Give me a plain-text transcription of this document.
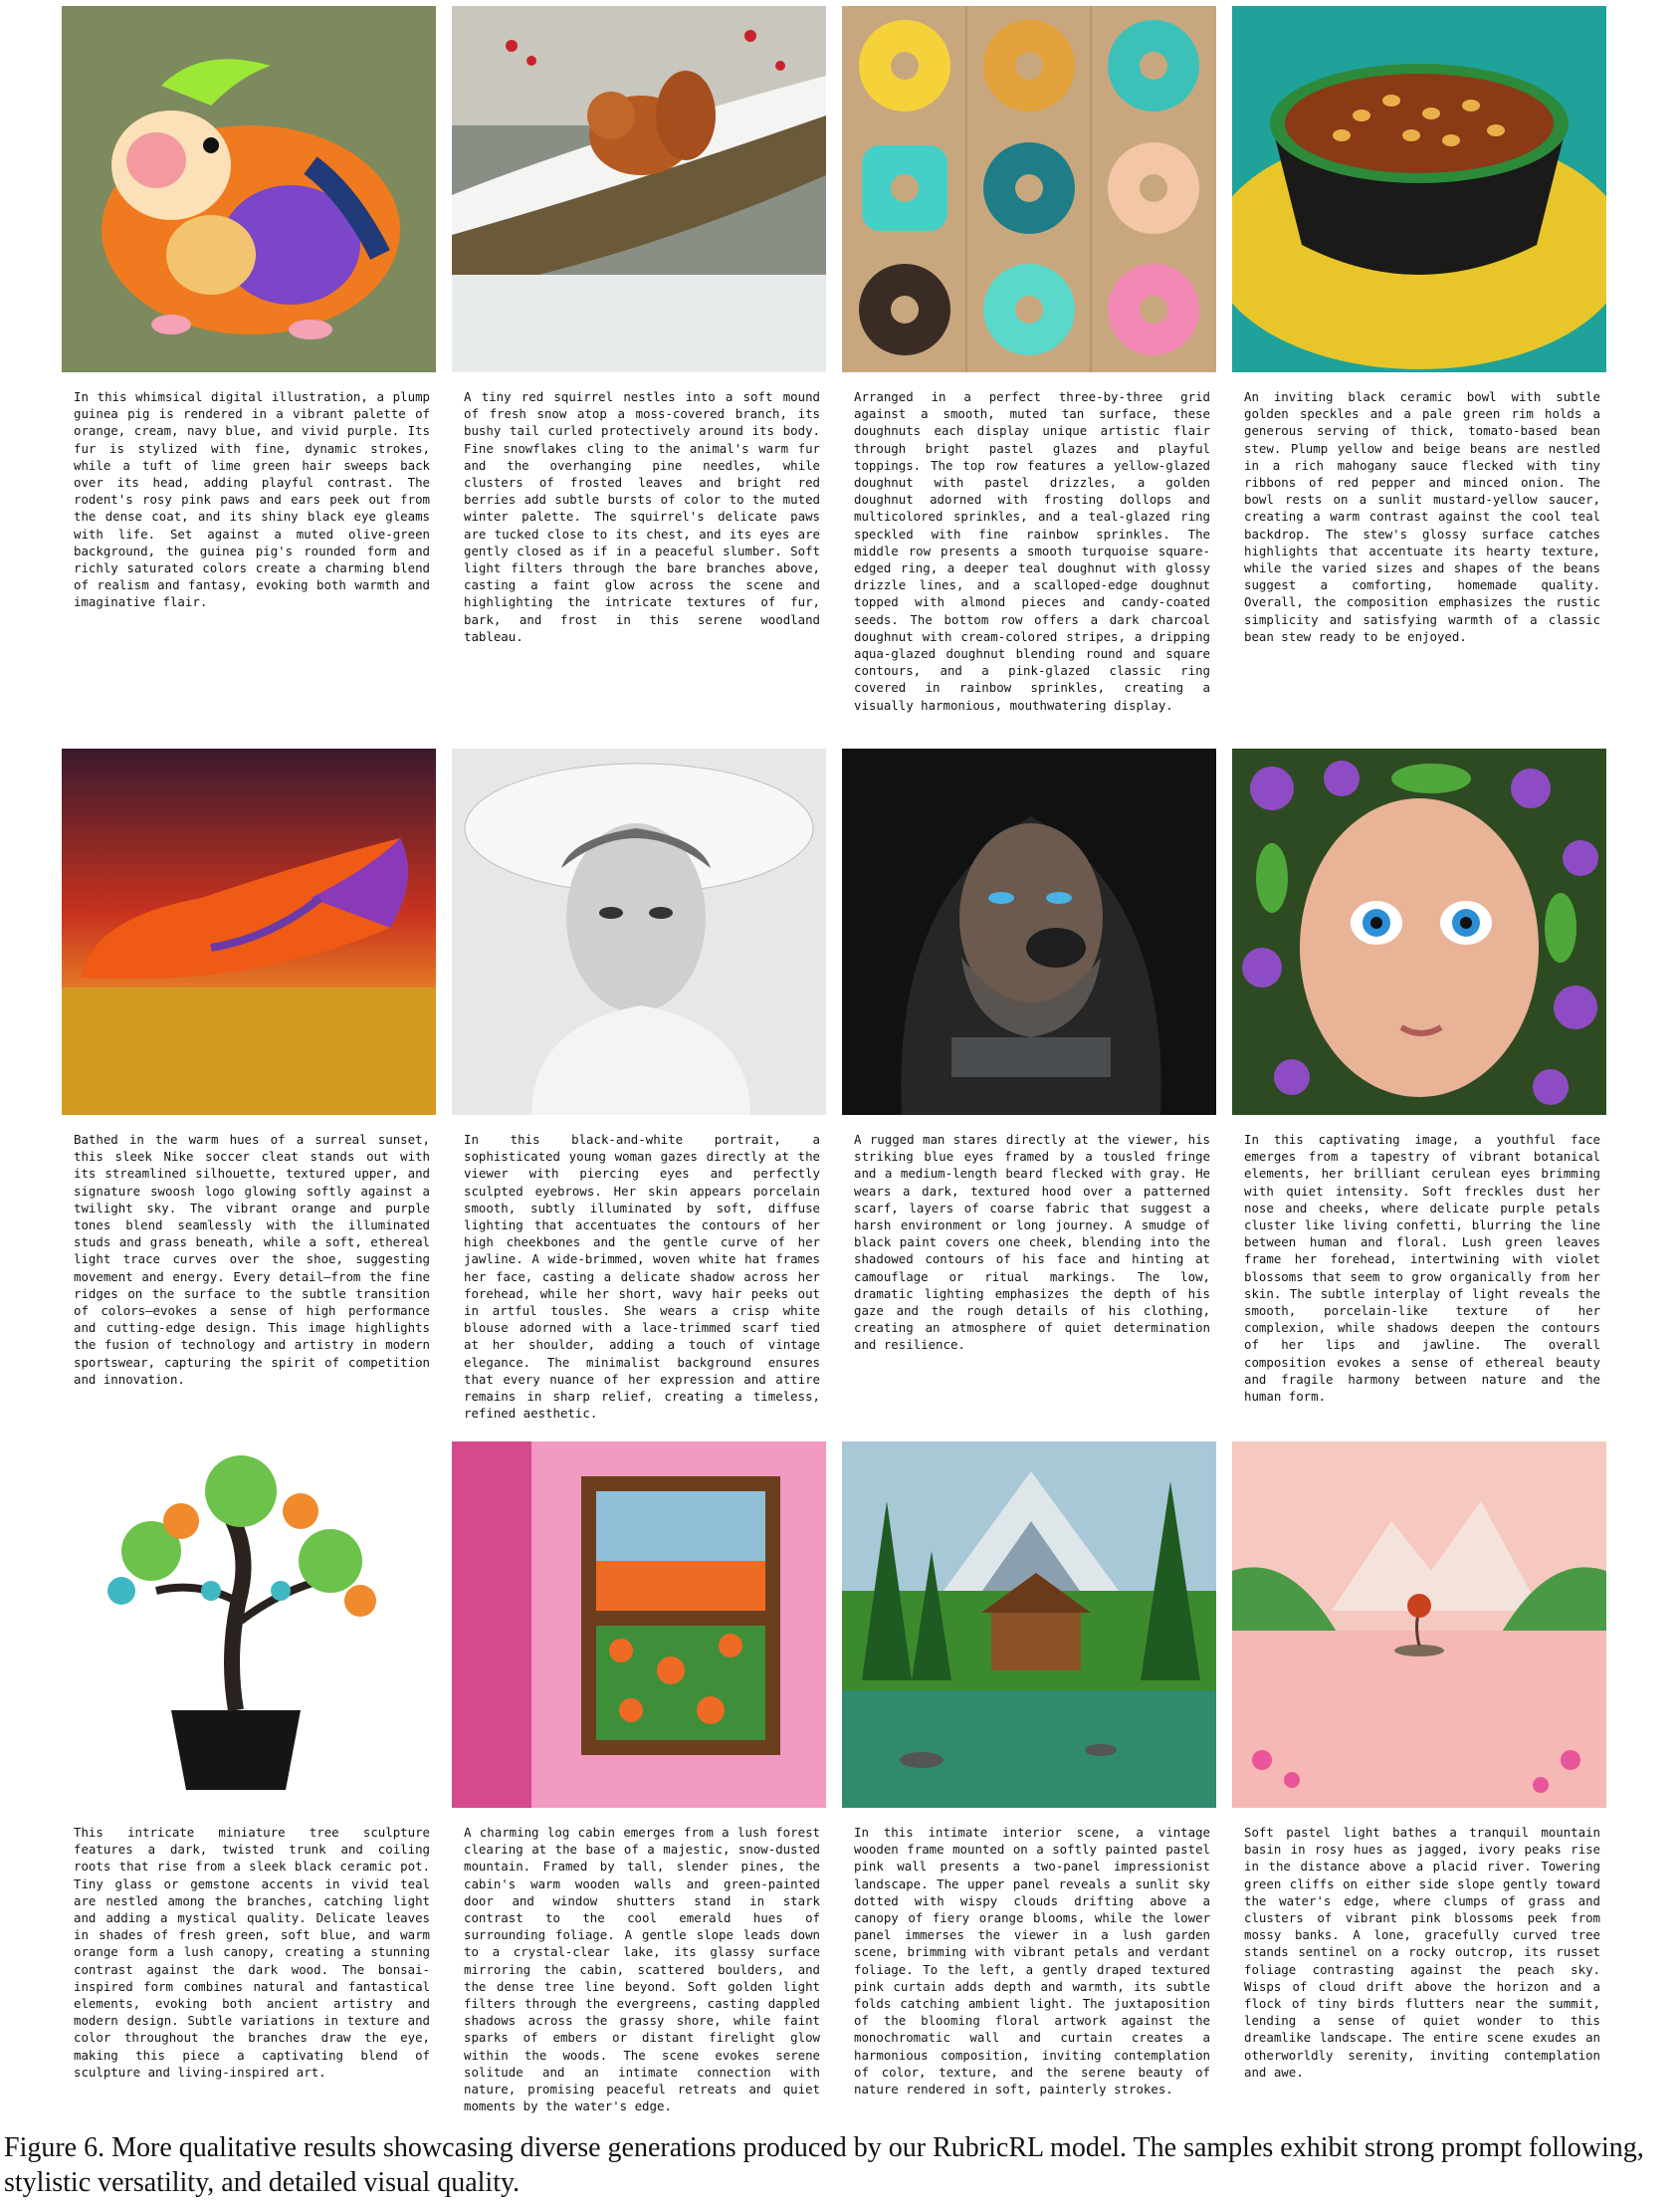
In this whimsical digital illustration, a plump guinea pig is rendered in a vibrant palette of orange, cream, navy blue, and vivid purple. Its fur is stylized with fine, dynamic strokes, while a tuft of lime green hair sweeps back over its head, adding playful contrast. The rodent's rosy pink paws and ears peek out from the dense coat, and its shiny black eye gleams with life. Set against a muted olive-green background, the guinea pig's rounded form and richly saturated colors create a charming blend of realism and fantasy, evoking both warmth and imaginative flair.
A tiny red squirrel nestles into a soft mound of fresh snow atop a moss-covered branch, its bushy tail curled protectively around its body. Fine snowflakes cling to the animal's warm fur and the overhanging pine needles, while clusters of frosted leaves and bright red berries add subtle bursts of color to the muted winter palette. The squirrel's delicate paws are tucked close to its chest, and its eyes are gently closed as if in a peaceful slumber. Soft light filters through the bare branches above, casting a faint glow across the scene and highlighting the intricate textures of fur, bark, and frost in this serene woodland tableau.
Arranged in a perfect three-by-three grid against a smooth, muted tan surface, these doughnuts each display unique artistic flair through bright pastel glazes and playful toppings. The top row features a yellow-glazed doughnut with pastel drizzles, a golden doughnut adorned with frosting dollops and multicolored sprinkles, and a teal-glazed ring speckled with fine rainbow sprinkles. The middle row presents a smooth turquoise square-edged ring, a deeper teal doughnut with glossy drizzle lines, and a scalloped-edge doughnut topped with almond pieces and candy-coated seeds. The bottom row offers a dark charcoal doughnut with cream-colored stripes, a dripping aqua-glazed doughnut blending round and square contours, and a pink-glazed classic ring covered in rainbow sprinkles, creating a visually harmonious, mouthwatering display.
An inviting black ceramic bowl with subtle golden speckles and a pale green rim holds a generous serving of thick, tomato-based bean stew. Plump yellow and beige beans are nestled in a rich mahogany sauce flecked with tiny ribbons of red pepper and minced onion. The bowl rests on a sunlit mustard-yellow saucer, creating a warm contrast against the cool teal backdrop. The stew's glossy surface catches highlights that accentuate its hearty texture, while the varied sizes and shapes of the beans suggest a comforting, homemade quality. Overall, the composition emphasizes the rustic simplicity and satisfying warmth of a classic bean stew ready to be enjoyed.
Bathed in the warm hues of a surreal sunset, this sleek Nike soccer cleat stands out with its streamlined silhouette, textured upper, and signature swoosh logo glowing softly against a twilight sky. The vibrant orange and purple tones blend seamlessly with the illuminated studs and grass beneath, while a soft, ethereal light trace curves over the shoe, suggesting movement and energy. Every detail—from the fine ridges on the surface to the subtle transition of colors—evokes a sense of high performance and cutting-edge design. This image highlights the fusion of technology and artistry in modern sportswear, capturing the spirit of competition and innovation.
In this black-and-white portrait, a sophisticated young woman gazes directly at the viewer with piercing eyes and perfectly sculpted eyebrows. Her skin appears porcelain smooth, subtly illuminated by soft, diffuse lighting that accentuates the contours of her high cheekbones and the gentle curve of her jawline. A wide-brimmed, woven white hat frames her face, casting a delicate shadow across her forehead, while her short, wavy hair peeks out in artful tousles. She wears a crisp white blouse adorned with a lace-trimmed scarf tied at her shoulder, adding a touch of vintage elegance. The minimalist background ensures that every nuance of her expression and attire remains in sharp relief, creating a timeless, refined aesthetic.
A rugged man stares directly at the viewer, his striking blue eyes framed by a tousled fringe and a medium-length beard flecked with gray. He wears a dark, textured hood over a patterned scarf, layers of coarse fabric that suggest a harsh environment or long journey. A smudge of black paint covers one cheek, blending into the shadowed contours of his face and hinting at camouflage or ritual markings. The low, dramatic lighting emphasizes the depth of his gaze and the rough details of his clothing, creating an atmosphere of quiet determination and resilience.
In this captivating image, a youthful face emerges from a tapestry of vibrant botanical elements, her brilliant cerulean eyes brimming with quiet intensity. Soft freckles dust her nose and cheeks, where delicate purple petals cluster like living confetti, blurring the line between human and floral. Lush green leaves frame her forehead, intertwining with violet blossoms that seem to grow organically from her skin. The subtle interplay of light reveals the smooth, porcelain-like texture of her complexion, while shadows deepen the contours of her lips and jawline. The overall composition evokes a sense of ethereal beauty and fragile harmony between nature and the human form.
This intricate miniature tree sculpture features a dark, twisted trunk and coiling roots that rise from a sleek black ceramic pot. Tiny glass or gemstone accents in vivid teal are nestled among the branches, catching light and adding a mystical quality. Delicate leaves in shades of fresh green, soft blue, and warm orange form a lush canopy, creating a stunning contrast against the dark wood. The bonsai-inspired form combines natural and fantastical elements, evoking both ancient artistry and modern design. Subtle variations in texture and color throughout the branches draw the eye, making this piece a captivating blend of sculpture and living-inspired art.
A charming log cabin emerges from a lush forest clearing at the base of a majestic, snow-dusted mountain. Framed by tall, slender pines, the cabin's warm wooden walls and green-painted door and window shutters stand in stark contrast to the cool emerald hues of surrounding foliage. A gentle slope leads down to a crystal-clear lake, its glassy surface mirroring the cabin, scattered boulders, and the dense tree line beyond. Soft golden light filters through the evergreens, casting dappled shadows across the grassy shore, while faint sparks of embers or distant firelight glow within the woods. The scene evokes serene solitude and an intimate connection with nature, promising peaceful retreats and quiet moments by the water's edge.
In this intimate interior scene, a vintage wooden frame mounted on a softly painted pastel pink wall presents a two-panel impressionist landscape. The upper panel reveals a sunlit sky dotted with wispy clouds drifting above a canopy of fiery orange blooms, while the lower panel immerses the viewer in a lush garden scene, brimming with vibrant petals and verdant foliage. To the left, a gently draped textured pink curtain adds depth and warmth, its subtle folds catching ambient light. The juxtaposition of the blooming floral artwork against the monochromatic wall and curtain creates a harmonious composition, inviting contemplation of color, texture, and the serene beauty of nature rendered in soft, painterly strokes.
Soft pastel light bathes a tranquil mountain basin in rosy hues as jagged, ivory peaks rise in the distance above a placid river. Towering green cliffs on either side slope gently toward the water's edge, where clumps of grass and clusters of vibrant pink blossoms peek from mossy banks. A lone, gracefully curved tree stands sentinel on a rocky outcrop, its russet foliage contrasting against the peach sky. Wisps of cloud drift above the horizon and a flock of tiny birds flutters near the summit, lending a sense of quiet wonder to this dreamlike landscape. The entire scene exudes an otherworldly serenity, inviting contemplation and awe.
Figure 6. More qualitative results showcasing diverse generations produced by our RubricRL model. The samples exhibit strong prompt following, stylistic versatility, and detailed visual quality.
